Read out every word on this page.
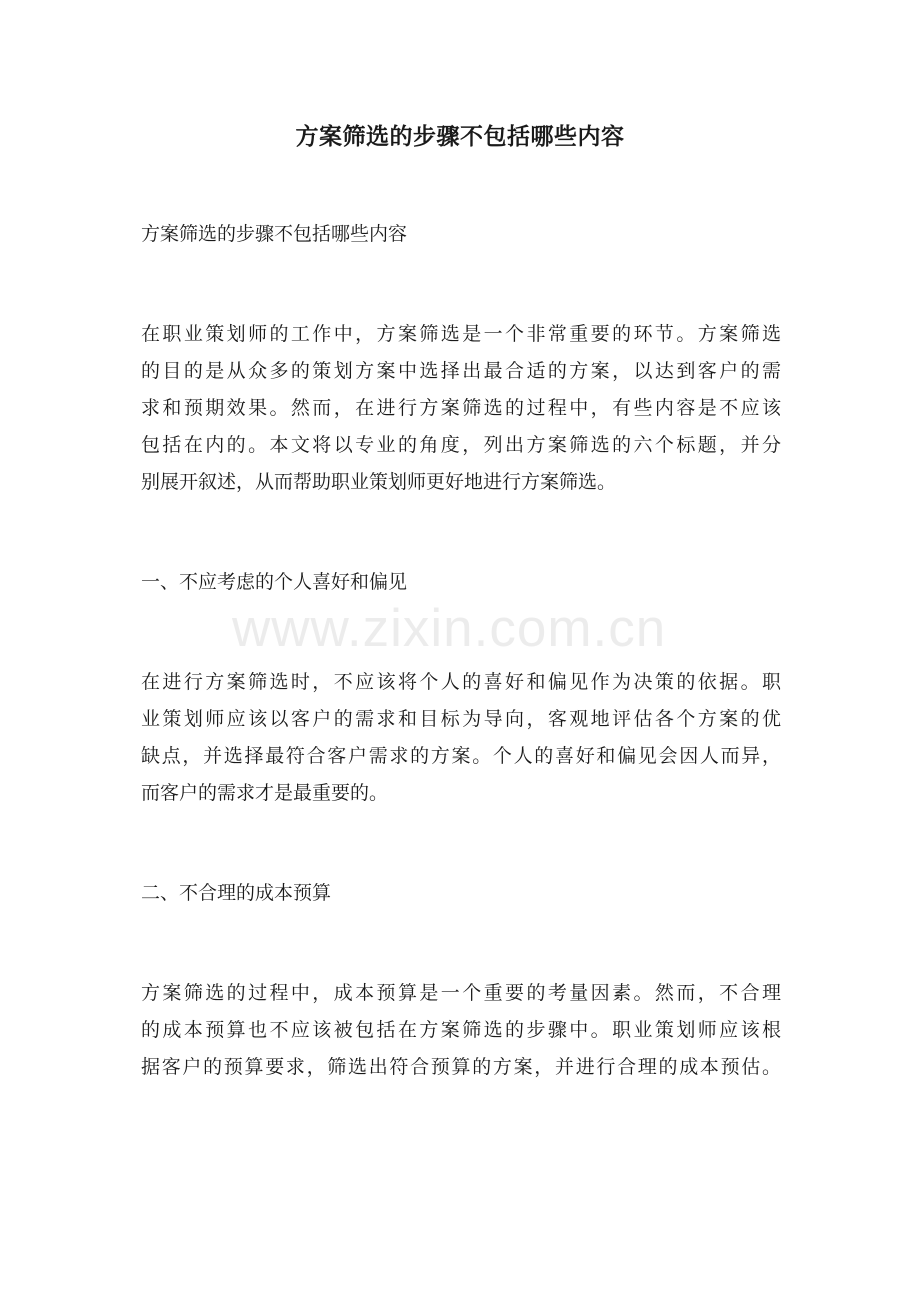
方案筛选的步骤不包括哪些内容

方案筛选的步骤不包括哪些内容

在职业策划师的工作中，方案筛选是一个非常重要的环节。方案筛选
的目的是从众多的策划方案中选择出最合适的方案，以达到客户的需
求和预期效果。然而，在进行方案筛选的过程中，有些内容是不应该
包括在内的。本文将以专业的角度，列出方案筛选的六个标题，并分
别展开叙述，从而帮助职业策划师更好地进行方案筛选。

一、不应考虑的个人喜好和偏见

在进行方案筛选时，不应该将个人的喜好和偏见作为决策的依据。职
业策划师应该以客户的需求和目标为导向，客观地评估各个方案的优
缺点，并选择最符合客户需求的方案。个人的喜好和偏见会因人而异，
而客户的需求才是最重要的。

二、不合理的成本预算

方案筛选的过程中，成本预算是一个重要的考量因素。然而，不合理
的成本预算也不应该被包括在方案筛选的步骤中。职业策划师应该根
据客户的预算要求，筛选出符合预算的方案，并进行合理的成本预估。
www.zixin.com.cn
